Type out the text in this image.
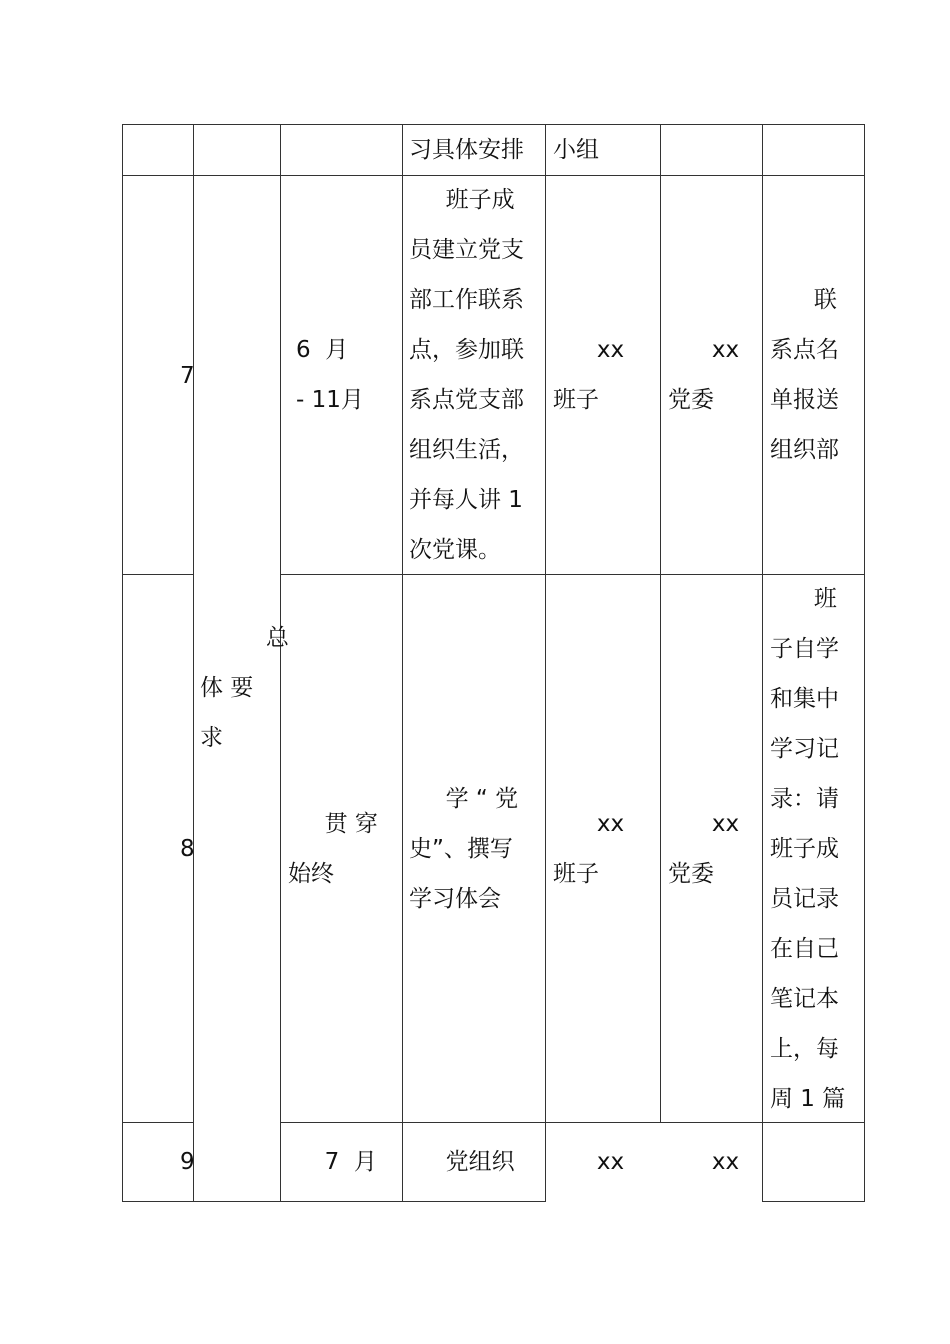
习具体安排 小组
7
6  月
- 11月
班子成
员建立党支
部工作联系
点，参加联
系点党支部
组织生活，
并每人讲 1
次党课。
xx
班子
xx
党委
联
系点名
单报送
组织部
总
体 要
求
8
贯 穿
始终
学 “ 党
史”、撰写
学习体会
xx
班子
xx
党委
班
子自学
和集中
学习记
录：请
班子成
员记录
在自己
笔记本
上，每
周 1 篇
9	7  月 党组织 xx xx
